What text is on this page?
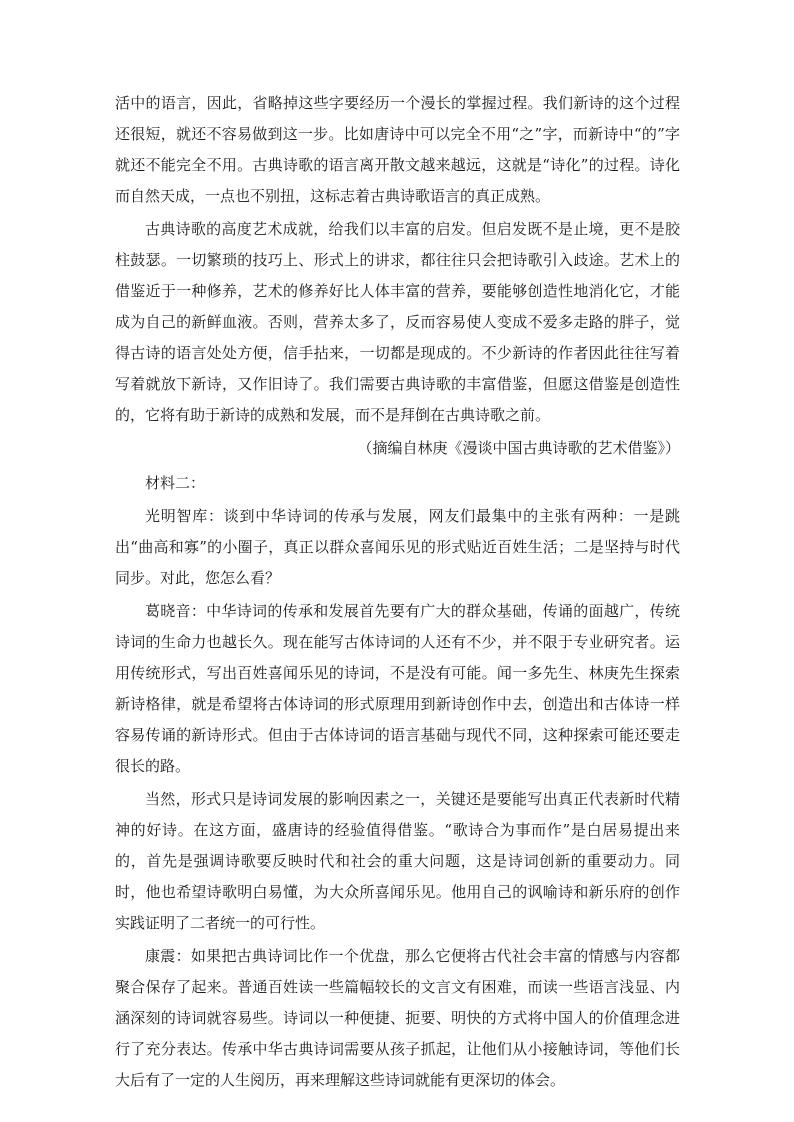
活中的语言，因此，省略掉这些字要经历一个漫长的掌握过程。我们新诗的这个过程还很短，就还不容易做到这一步。比如唐诗中可以完全不用“之”字，而新诗中“的”字就还不能完全不用。古典诗歌的语言离开散文越来越远，这就是“诗化”的过程。诗化而自然天成，一点也不别扭，这标志着古典诗歌语言的真正成熟。

古典诗歌的高度艺术成就，给我们以丰富的启发。但启发既不是止境，更不是胶柱鼓瑟。一切繁琐的技巧上、形式上的讲求，都往往只会把诗歌引入歧途。艺术上的借鉴近于一种修养，艺术的修养好比人体丰富的营养，要能够创造性地消化它，才能成为自己的新鲜血液。否则，营养太多了，反而容易使人变成不爱多走路的胖子，觉得古诗的语言处处方便，信手拈来，一切都是现成的。不少新诗的作者因此往往写着写着就放下新诗，又作旧诗了。我们需要古典诗歌的丰富借鉴，但愿这借鉴是创造性的，它将有助于新诗的成熟和发展，而不是拜倒在古典诗歌之前。

（摘编自林庚《漫谈中国古典诗歌的艺术借鉴》）

材料二：

光明智库：谈到中华诗词的传承与发展，网友们最集中的主张有两种：一是跳出“曲高和寡”的小圈子，真正以群众喜闻乐见的形式贴近百姓生活；二是坚持与时代同步。对此，您怎么看？

葛晓音：中华诗词的传承和发展首先要有广大的群众基础，传诵的面越广，传统诗词的生命力也越长久。现在能写古体诗词的人还有不少，并不限于专业研究者。运用传统形式，写出百姓喜闻乐见的诗词，不是没有可能。闻一多先生、林庚先生探索新诗格律，就是希望将古体诗词的形式原理用到新诗创作中去，创造出和古体诗一样容易传诵的新诗形式。但由于古体诗词的语言基础与现代不同，这种探索可能还要走很长的路。

当然，形式只是诗词发展的影响因素之一，关键还是要能写出真正代表新时代精神的好诗。在这方面，盛唐诗的经验值得借鉴。“歌诗合为事而作”是白居易提出来的，首先是强调诗歌要反映时代和社会的重大问题，这是诗词创新的重要动力。同时，他也希望诗歌明白易懂，为大众所喜闻乐见。他用自己的讽喻诗和新乐府的创作实践证明了二者统一的可行性。

康震：如果把古典诗词比作一个优盘，那么它便将古代社会丰富的情感与内容都聚合保存了起来。普通百姓读一些篇幅较长的文言文有困难，而读一些语言浅显、内涵深刻的诗词就容易些。诗词以一种便捷、扼要、明快的方式将中国人的价值理念进行了充分表达。传承中华古典诗词需要从孩子抓起，让他们从小接触诗词，等他们长大后有了一定的人生阅历，再来理解这些诗词就能有更深切的体会。
